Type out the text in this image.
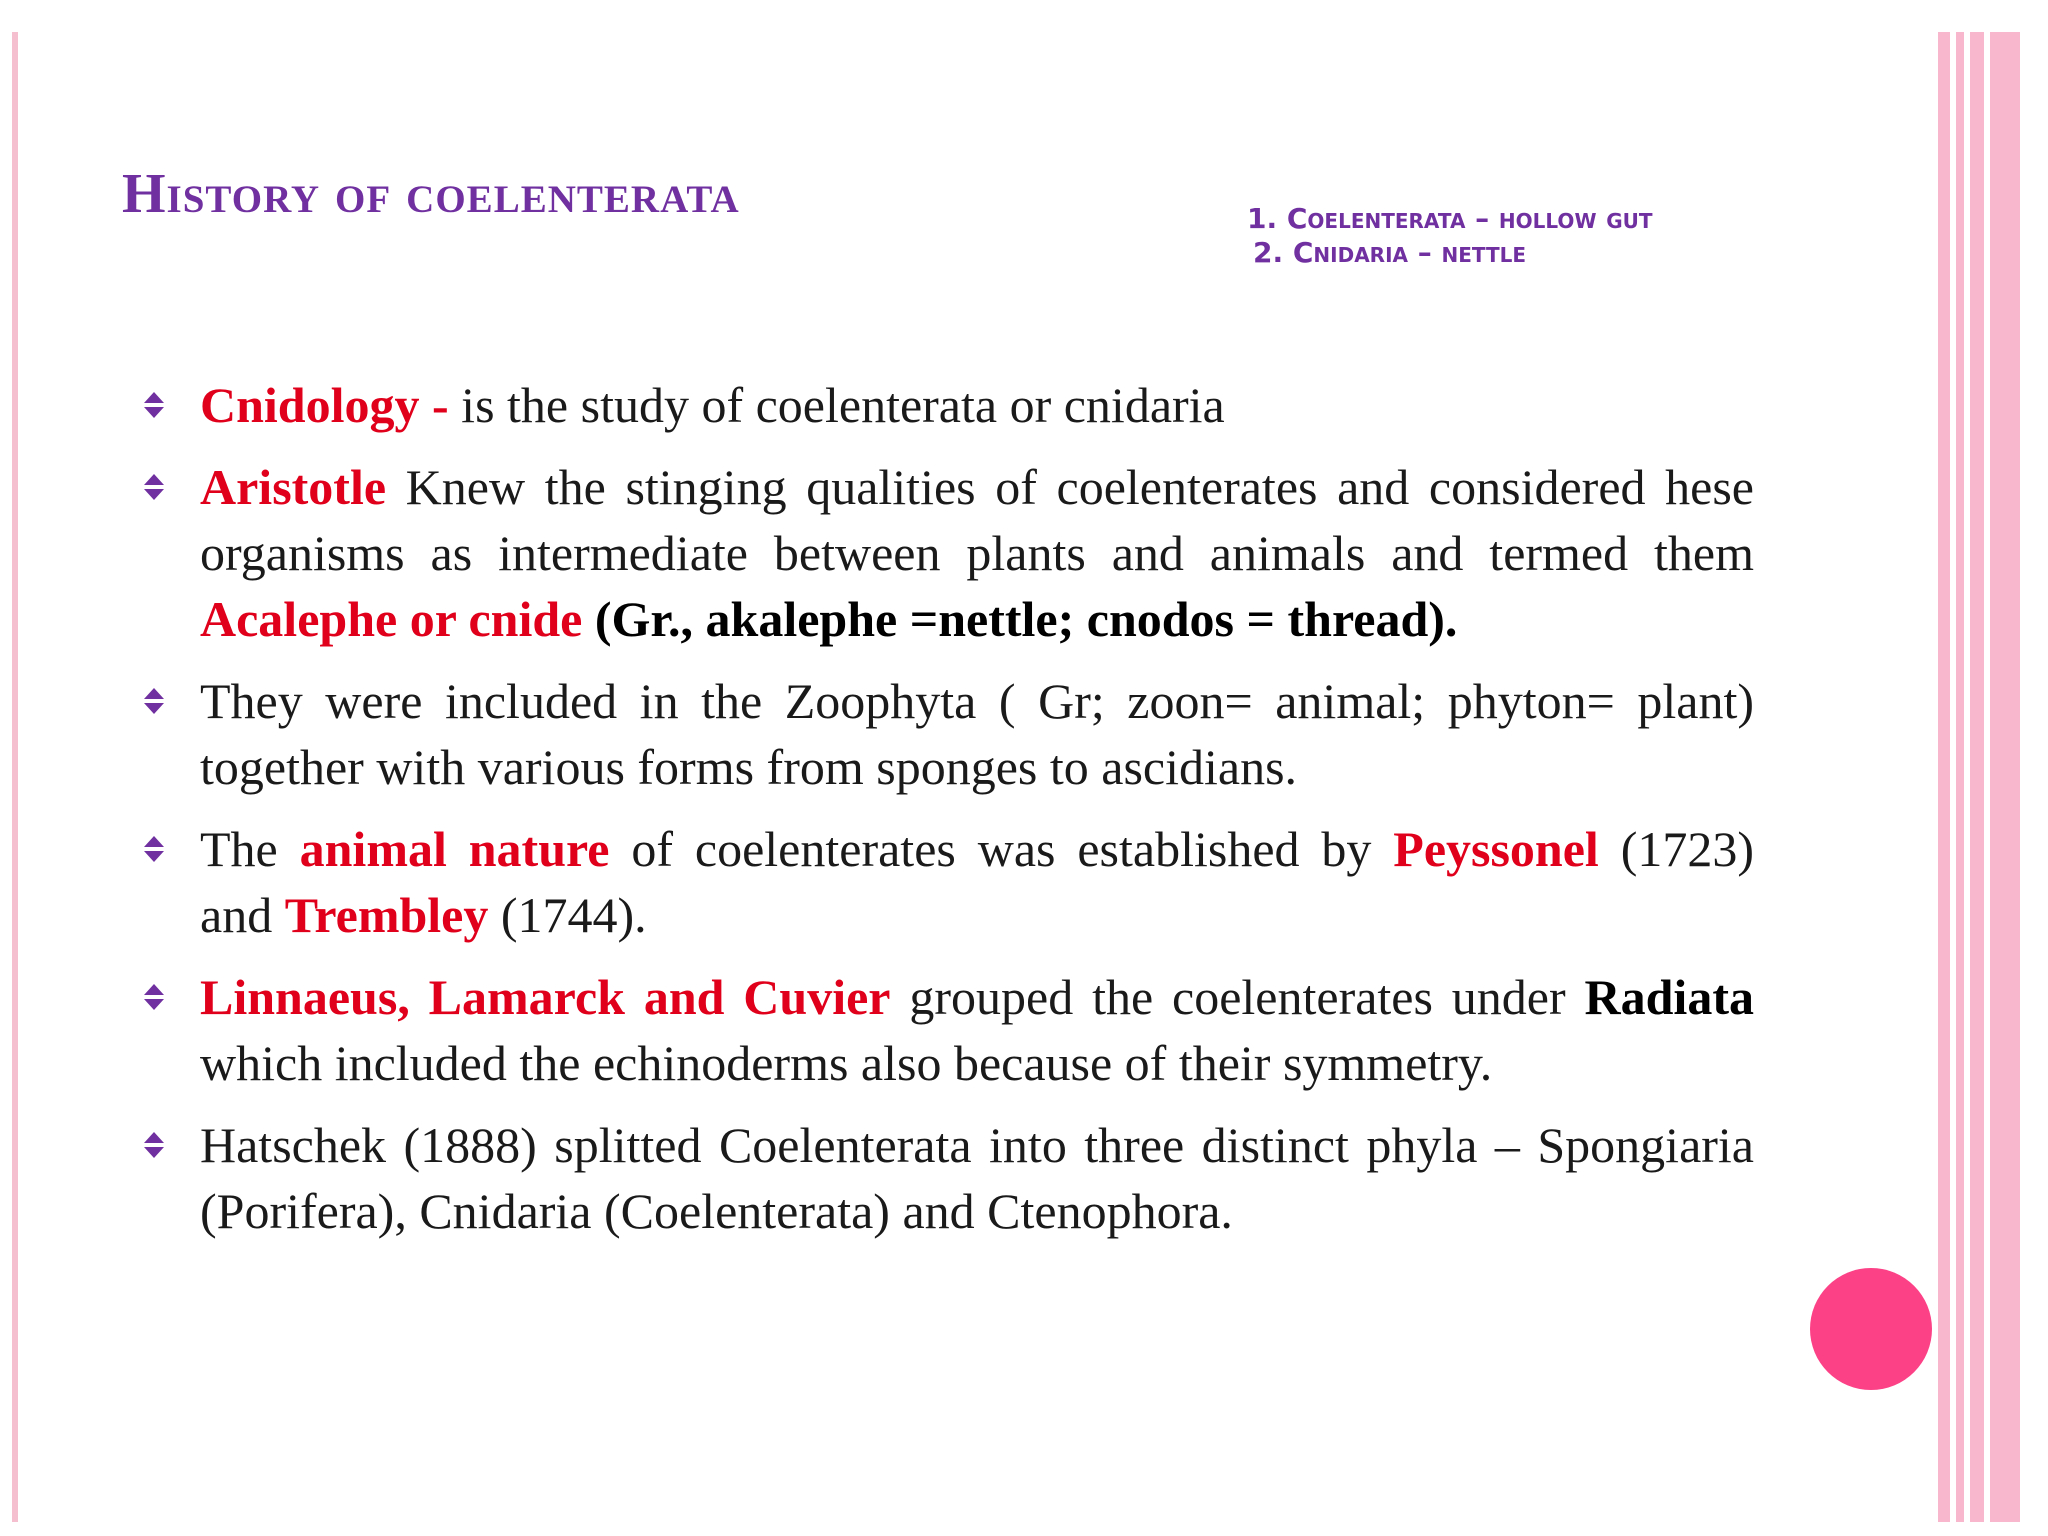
History of coelenterata	1. Coelenterata – hollow gut
2. Cnidaria – nettle
Cnidology - is the study of coelenterata or cnidaria
Aristotle Knew the stinging qualities of coelenterates and considered hese organisms as intermediate between plants and animals and termed them Acalephe or cnide (Gr., akalephe =nettle; cnodos = thread).
They were included in the Zoophyta ( Gr; zoon= animal; phyton= plant) together with various forms from sponges to ascidians.
The animal nature of coelenterates was established by Peyssonel (1723) and Trembley (1744).
Linnaeus, Lamarck and Cuvier grouped the coelenterates under Radiata which included the echinoderms also because of their symmetry.
Hatschek (1888) splitted Coelenterata into three distinct phyla – Spongiaria (Porifera), Cnidaria (Coelenterata) and Ctenophora.
